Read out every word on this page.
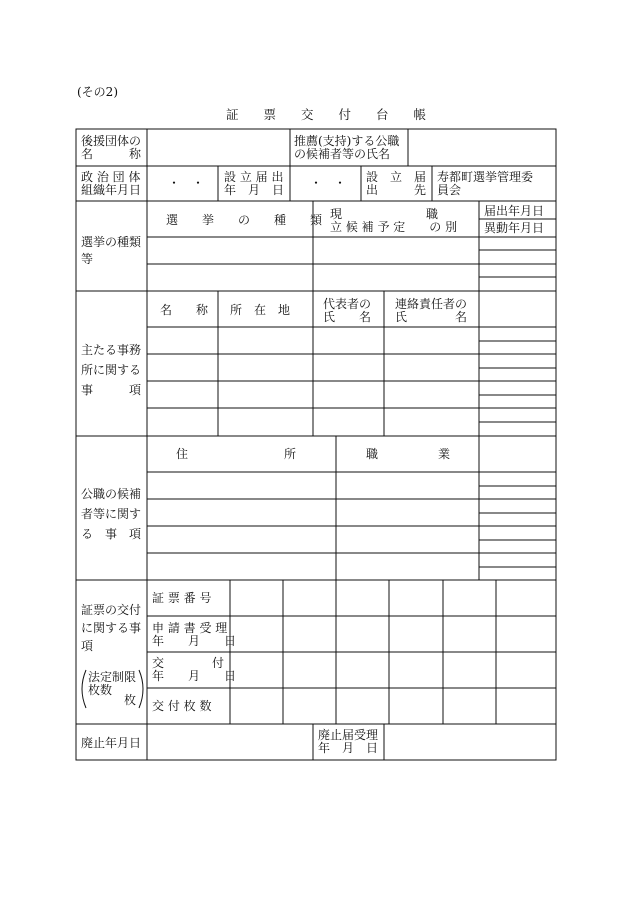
(その2)
証　　票　　交　　付　　台　　帳
後援団体の
名　　　称
推薦(支持)する公職
の候補者等の氏名
政 治 団 体
組織年月日 ・　・ 設 立 届 出
年　月　日 ・　・ 設　立　届
出　　　先
寿都町選挙管理委
員会
選挙の種類
等
選　　挙　　の　　種　　類 現　　　　　　　職
立 候 補 予 定　　の 別
届出年月日
異動年月日
主たる事務
所に関する
事　　　項
名　　称 所　在　地	代表者の
氏　　名
連絡責任者の
氏　　　　名
公職の候補
者等に関す
る　事　項
住　　　　　　　　所	職　　　　　業
証票の交付
に関する事
項
法定制限
枚数
枚
証 票 番 号
申 請 書 受 理
年　　月　　日
交　　　　付
年　　月　　日
交 付 枚 数
廃止年月日
廃止届受理
年　月　日
